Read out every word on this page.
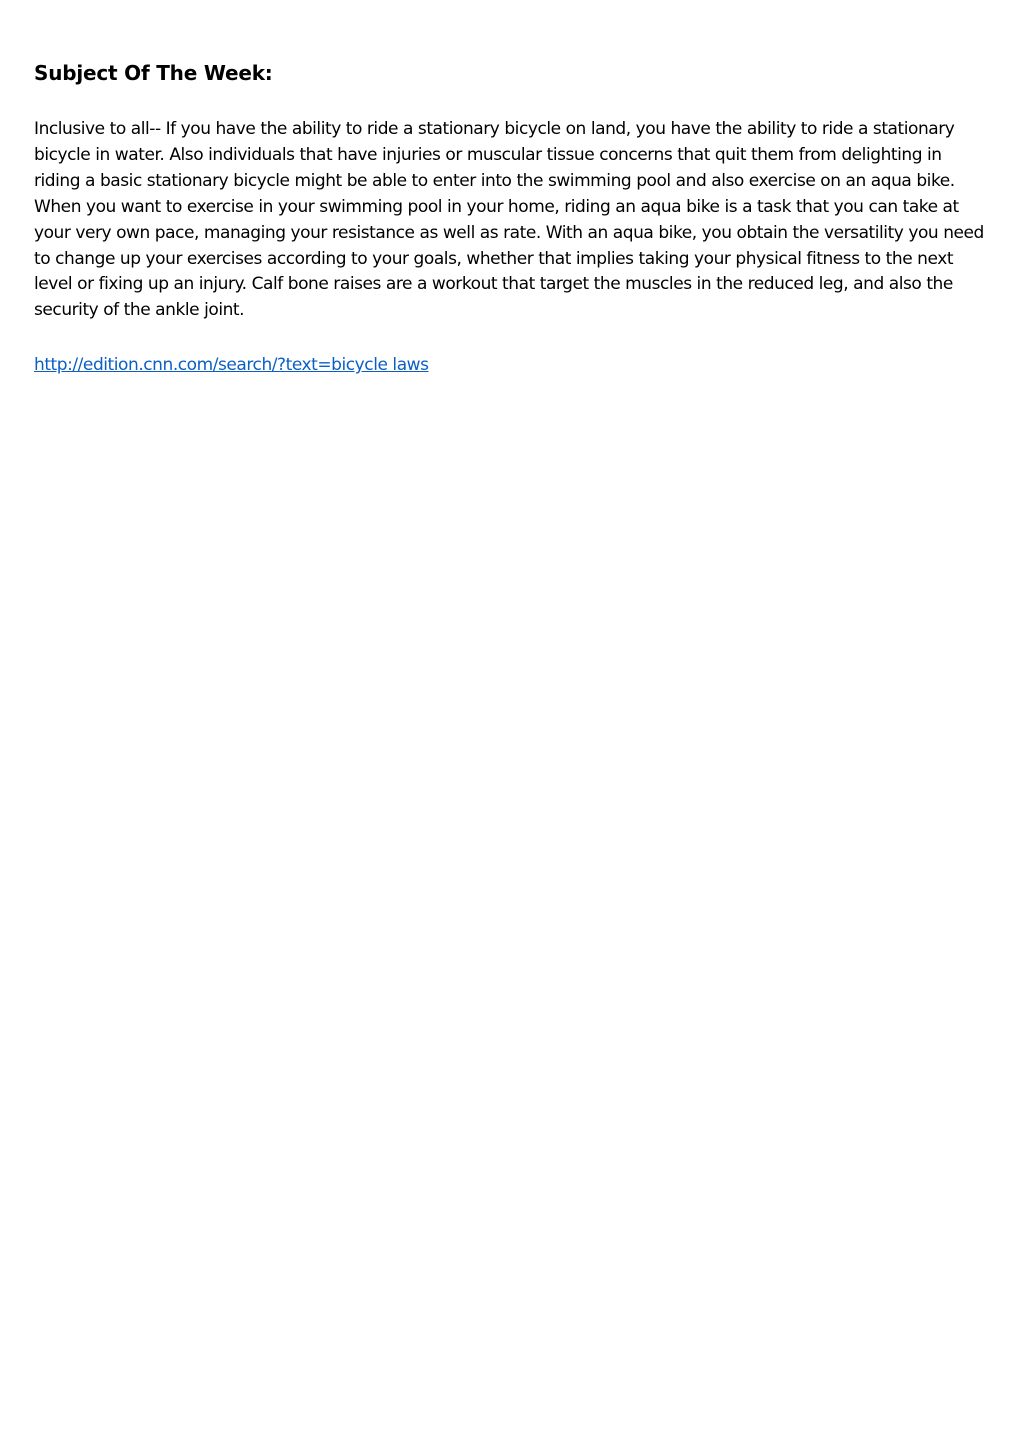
Subject Of The Week:

Inclusive to all-- If you have the ability to ride a stationary bicycle on land, you have the ability to ride a stationary bicycle in water. Also individuals that have injuries or muscular tissue concerns that quit them from delighting in riding a basic stationary bicycle might be able to enter into the swimming pool and also exercise on an aqua bike. When you want to exercise in your swimming pool in your home, riding an aqua bike is a task that you can take at your very own pace, managing your resistance as well as rate. With an aqua bike, you obtain the versatility you need to change up your exercises according to your goals, whether that implies taking your physical fitness to the next level or fixing up an injury. Calf bone raises are a workout that target the muscles in the reduced leg, and also the security of the ankle joint.

http://edition.cnn.com/search/?text=bicycle laws
